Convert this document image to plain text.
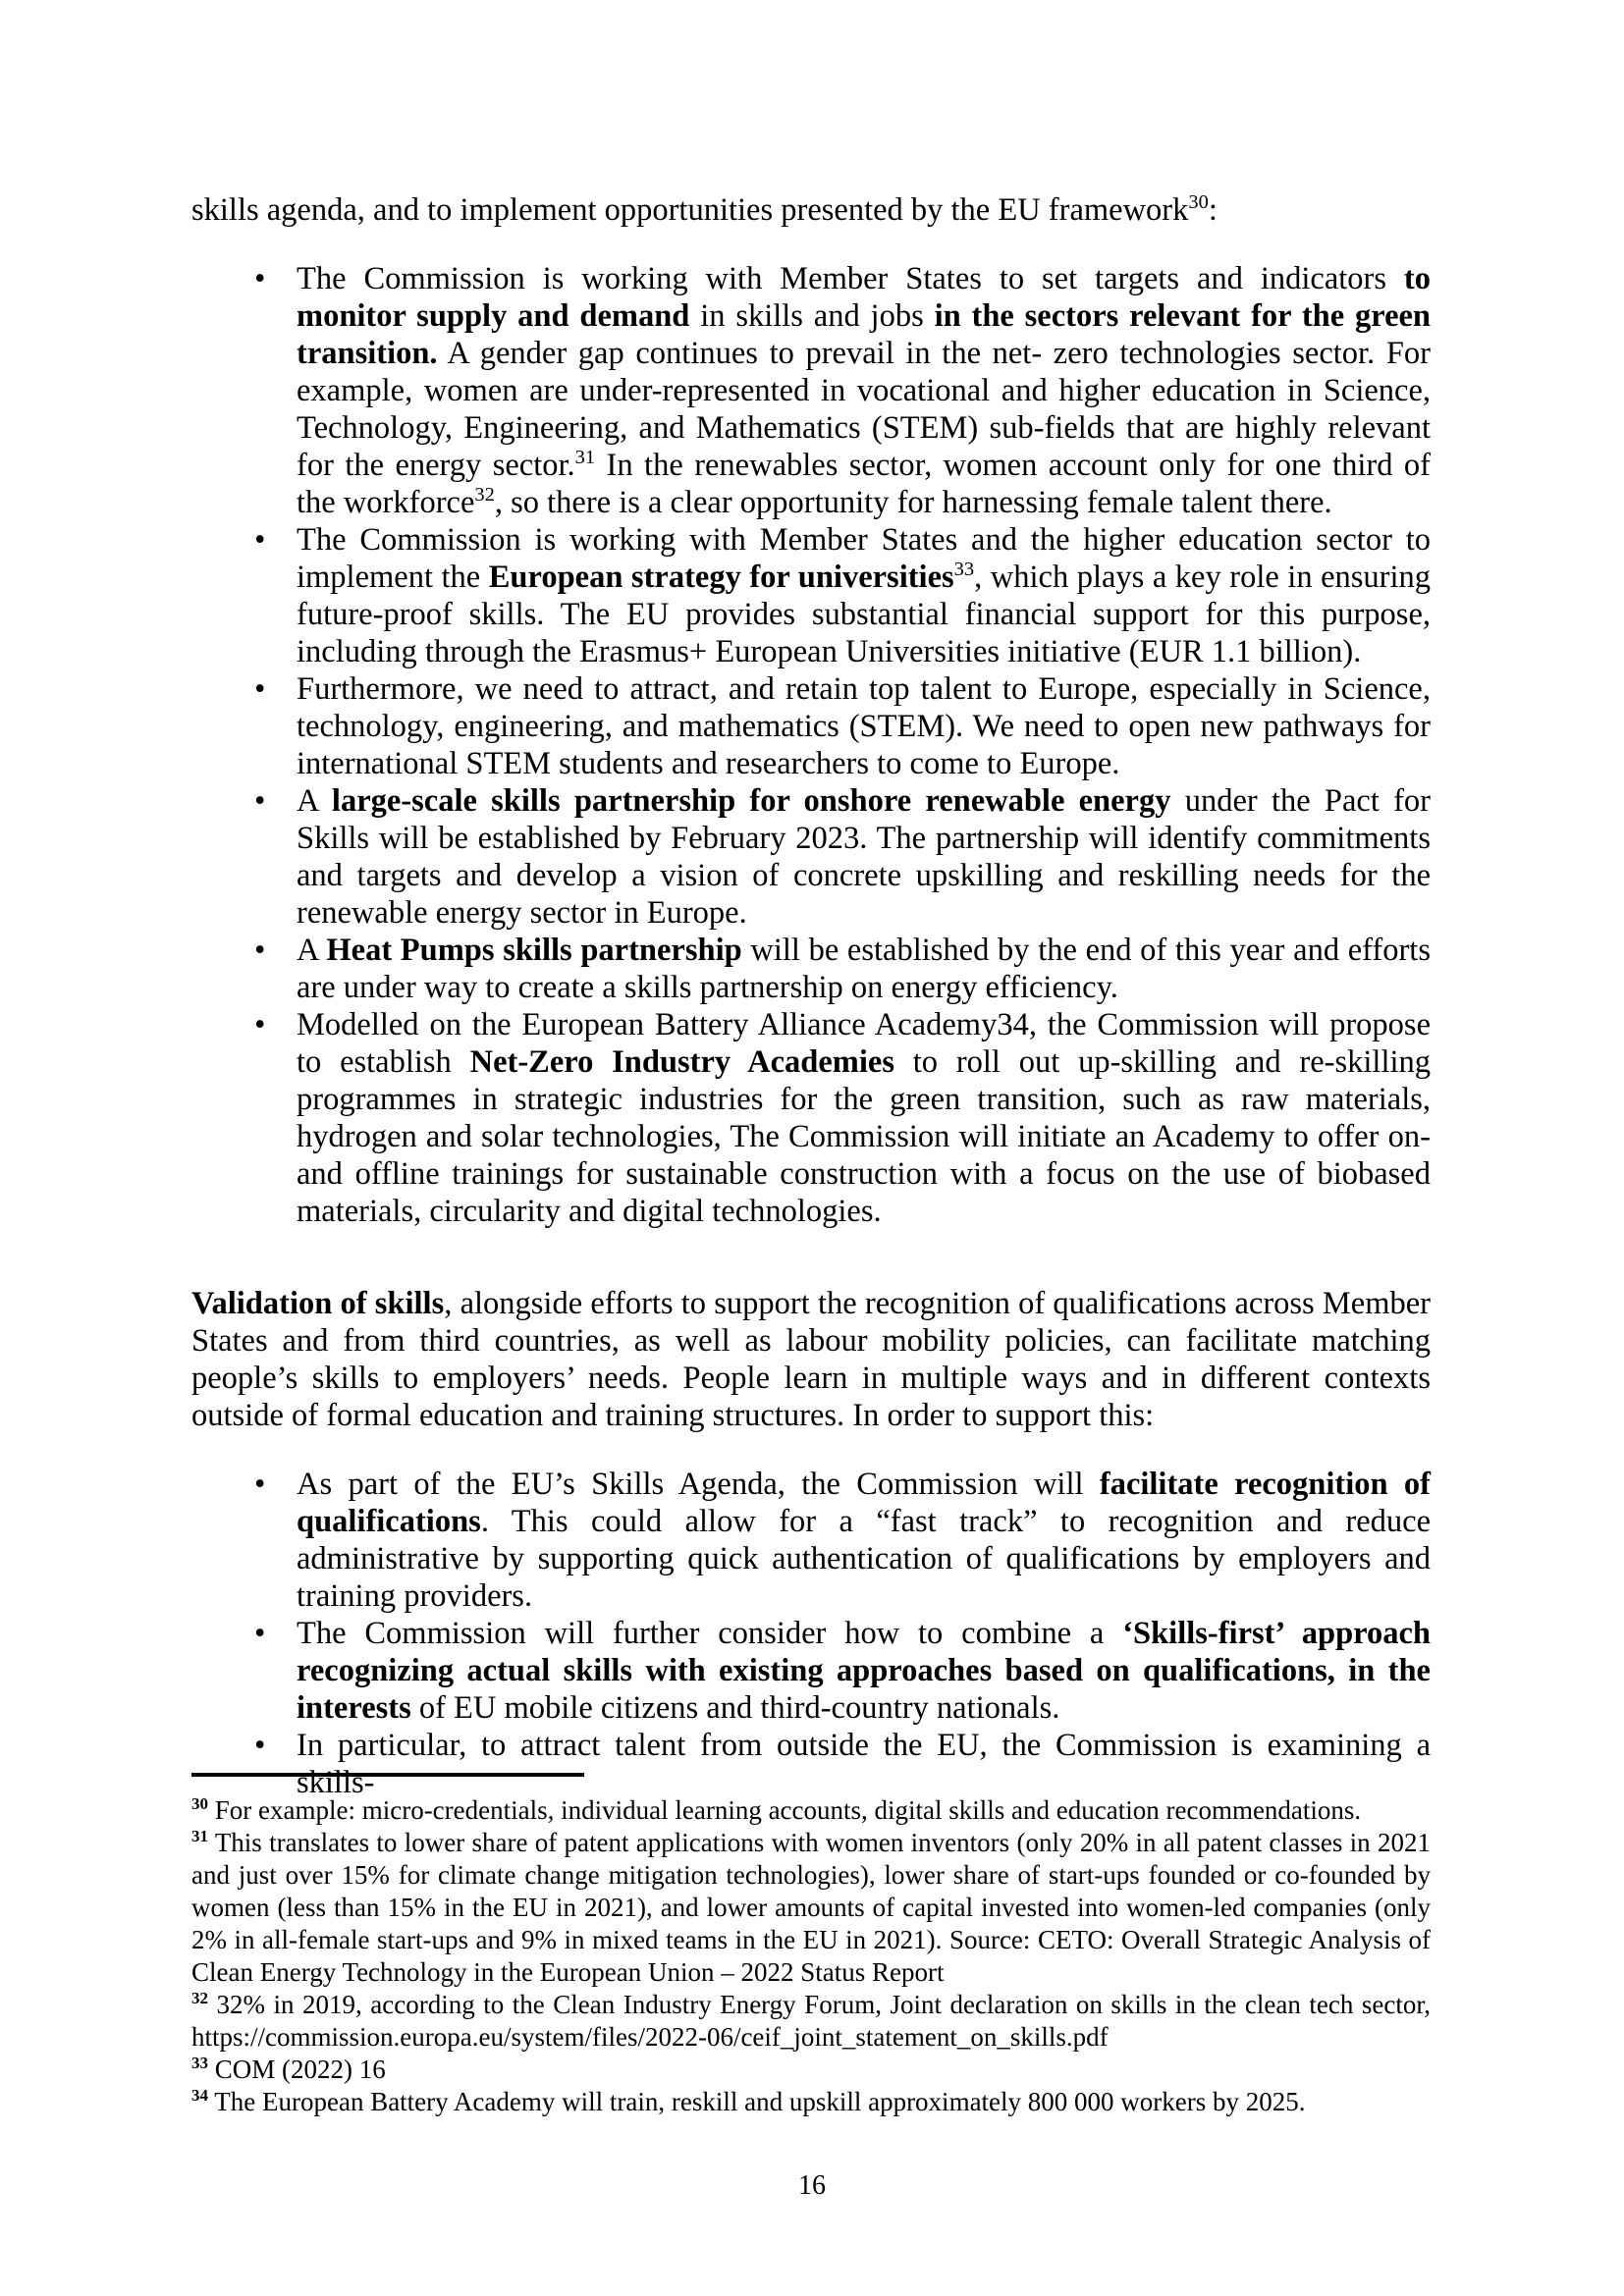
skills agenda, and to implement opportunities presented by the EU framework$^{30}$:

• The Commission is working with Member States to set targets and indicators to monitor supply and demand in skills and jobs in the sectors relevant for the green transition. A gender gap continues to prevail in the net- zero technologies sector. For example, women are under-represented in vocational and higher education in Science, Technology, Engineering, and Mathematics (STEM) sub-fields that are highly relevant for the energy sector.$^{31}$ In the renewables sector, women account only for one third of the workforce$^{32}$, so there is a clear opportunity for harnessing female talent there.
• The Commission is working with Member States and the higher education sector to implement the European strategy for universities$^{33}$, which plays a key role in ensuring future-proof skills. The EU provides substantial financial support for this purpose, including through the Erasmus+ European Universities initiative (EUR 1.1 billion).
• Furthermore, we need to attract, and retain top talent to Europe, especially in Science, technology, engineering, and mathematics (STEM). We need to open new pathways for international STEM students and researchers to come to Europe.
• A large-scale skills partnership for onshore renewable energy under the Pact for Skills will be established by February 2023. The partnership will identify commitments and targets and develop a vision of concrete upskilling and reskilling needs for the renewable energy sector in Europe.
• A Heat Pumps skills partnership will be established by the end of this year and efforts are under way to create a skills partnership on energy efficiency.
• Modelled on the European Battery Alliance Academy34, the Commission will propose to establish Net-Zero Industry Academies to roll out up-skilling and re-skilling programmes in strategic industries for the green transition, such as raw materials, hydrogen and solar technologies, The Commission will initiate an Academy to offer on- and offline trainings for sustainable construction with a focus on the use of biobased materials, circularity and digital technologies.

Validation of skills, alongside efforts to support the recognition of qualifications across Member States and from third countries, as well as labour mobility policies, can facilitate matching people’s skills to employers’ needs. People learn in multiple ways and in different contexts outside of formal education and training structures. In order to support this:

• As part of the EU’s Skills Agenda, the Commission will facilitate recognition of qualifications. This could allow for a “fast track” to recognition and reduce administrative by supporting quick authentication of qualifications by employers and training providers.
• The Commission will further consider how to combine a ‘Skills-first’ approach recognizing actual skills with existing approaches based on qualifications, in the interests of EU mobile citizens and third-country nationals.
• In particular, to attract talent from outside the EU, the Commission is examining a skills-

$^{30}$ For example: micro-credentials, individual learning accounts, digital skills and education recommendations.

$^{31}$ This translates to lower share of patent applications with women inventors (only 20% in all patent classes in 2021 and just over 15% for climate change mitigation technologies), lower share of start-ups founded or co-founded by women (less than 15% in the EU in 2021), and lower amounts of capital invested into women-led companies (only 2% in all-female start-ups and 9% in mixed teams in the EU in 2021). Source: CETO: Overall Strategic Analysis of Clean Energy Technology in the European Union – 2022 Status Report

$^{32}$ 32% in 2019, according to the Clean Industry Energy Forum, Joint declaration on skills in the clean tech sector, https://commission.europa.eu/system/files/2022-06/ceif_joint_statement_on_skills.pdf

$^{33}$ COM (2022) 16

$^{34}$ The European Battery Academy will train, reskill and upskill approximately 800 000 workers by 2025.

16
